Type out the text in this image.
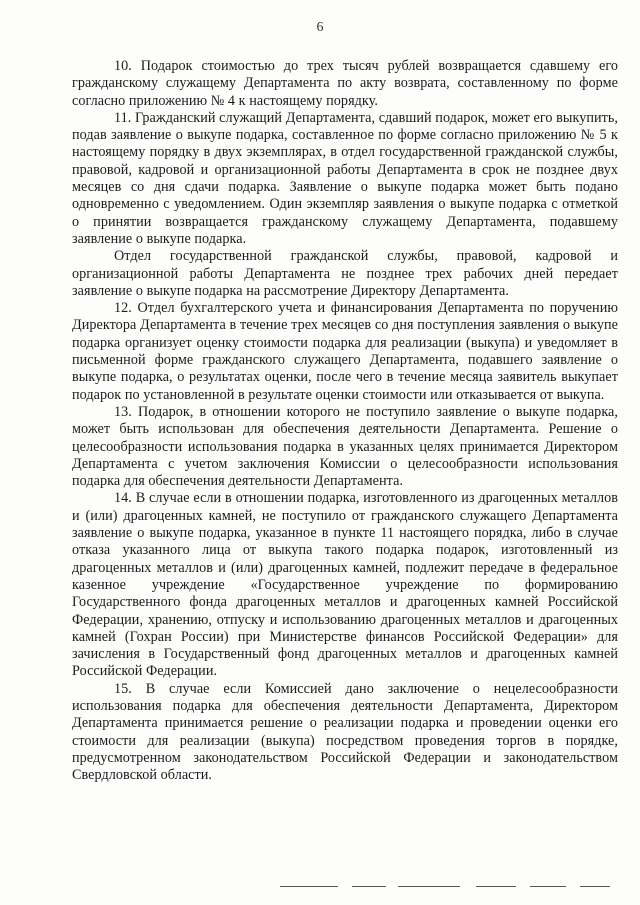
6

10. Подарок стоимостью до трех тысяч рублей возвращается сдавшему его гражданскому служащему Департамента по акту возврата, составленному по форме согласно приложению № 4 к настоящему порядку.

11. Гражданский служащий Департамента, сдавший подарок, может его выкупить, подав заявление о выкупе подарка, составленное по форме согласно приложению № 5 к настоящему порядку в двух экземплярах, в отдел государственной гражданской службы, правовой, кадровой и организационной работы Департамента в срок не позднее двух месяцев со дня сдачи подарка. Заявление о выкупе подарка может быть подано одновременно с уведомлением. Один экземпляр заявления о выкупе подарка с отметкой о принятии возвращается гражданскому служащему Департамента, подавшему заявление о выкупе подарка.

Отдел государственной гражданской службы, правовой, кадровой и организационной работы Департамента не позднее трех рабочих дней передает заявление о выкупе подарка на рассмотрение Директору Департамента.

12. Отдел бухгалтерского учета и финансирования Департамента по поручению Директора Департамента в течение трех месяцев со дня поступления заявления о выкупе подарка организует оценку стоимости подарка для реализации (выкупа) и уведомляет в письменной форме гражданского служащего Департамента, подавшего заявление о выкупе подарка, о результатах оценки, после чего в течение месяца заявитель выкупает подарок по установленной в результате оценки стоимости или отказывается от выкупа.

13. Подарок, в отношении которого не поступило заявление о выкупе подарка, может быть использован для обеспечения деятельности Департамента. Решение о целесообразности использования подарка в указанных целях принимается Директором Департамента с учетом заключения Комиссии о целесообразности использования подарка для обеспечения деятельности Департамента.

14. В случае если в отношении подарка, изготовленного из драгоценных металлов и (или) драгоценных камней, не поступило от гражданского служащего Департамента заявление о выкупе подарка, указанное в пункте 11 настоящего порядка, либо в случае отказа указанного лица от выкупа такого подарка подарок, изготовленный из драгоценных металлов и (или) драгоценных камней, подлежит передаче в федеральное казенное учреждение «Государственное учреждение по формированию Государственного фонда драгоценных металлов и драгоценных камней Российской Федерации, хранению, отпуску и использованию драгоценных металлов и драгоценных камней (Гохран России) при Министерстве финансов Российской Федерации» для зачисления в Государственный фонд драгоценных металлов и драгоценных камней Российской Федерации.

15. В случае если Комиссией дано заключение о нецелесообразности использования подарка для обеспечения деятельности Департамента, Директором Департамента принимается решение о реализации подарка и проведении оценки его стоимости для реализации (выкупа) посредством проведения торгов в порядке, предусмотренном законодательством Российской Федерации и законодательством Свердловской области.
